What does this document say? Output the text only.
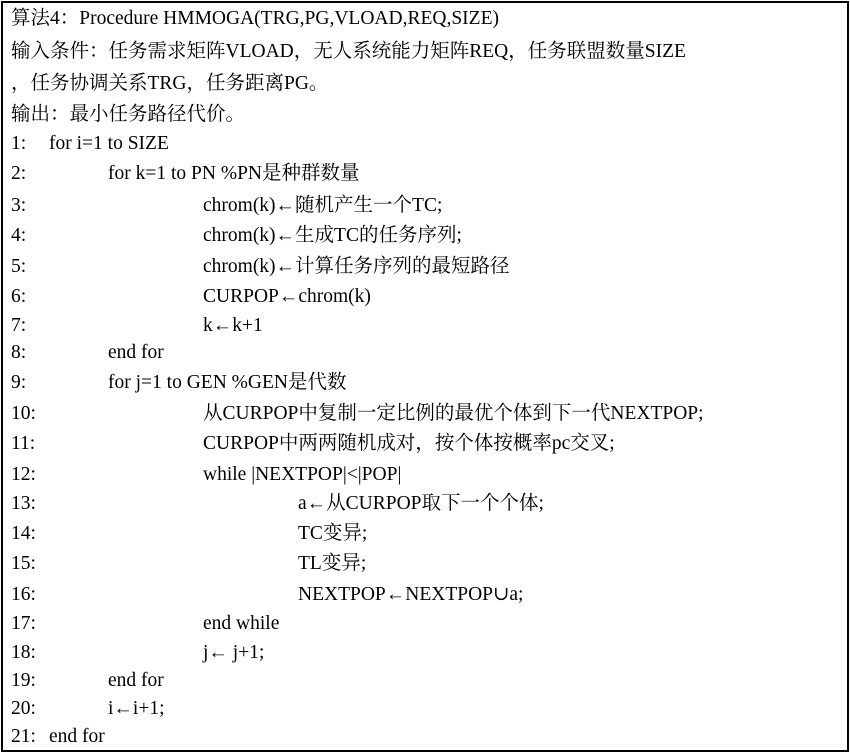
算法4：Procedure HMMOGA(TRG,PG,VLOAD,REQ,SIZE)
输入条件：任务需求矩阵VLOAD，无人系统能力矩阵REQ，任务联盟数量SIZE
，任务协调关系TRG，任务距离PG。
输出：最小任务路径代价。
1: for i=1 to SIZE
2:	for k=1 to PN %PN是种群数量
3:	chrom(k)←随机产生一个TC;
4:	chrom(k)←生成TC的任务序列;
5:	chrom(k)←计算任务序列的最短路径
6:	CURPOP←chrom(k)
7:	k←k+1
8:	end for
9:	for j=1 to GEN %GEN是代数
10:	从CURPOP中复制一定比例的最优个体到下一代NEXTPOP;
11:	CURPOP中两两随机成对，按个体按概率pc交叉;
12:	while |NEXTPOP|<|POP|
13:	a←从CURPOP取下一个个体;
14:	TC变异;
15:	TL变异;
16:	NEXTPOP←NEXTPOP∪a;
17:	end while
18:	j← j+1;
19:	end for
20:	i←i+1;
21: end for
